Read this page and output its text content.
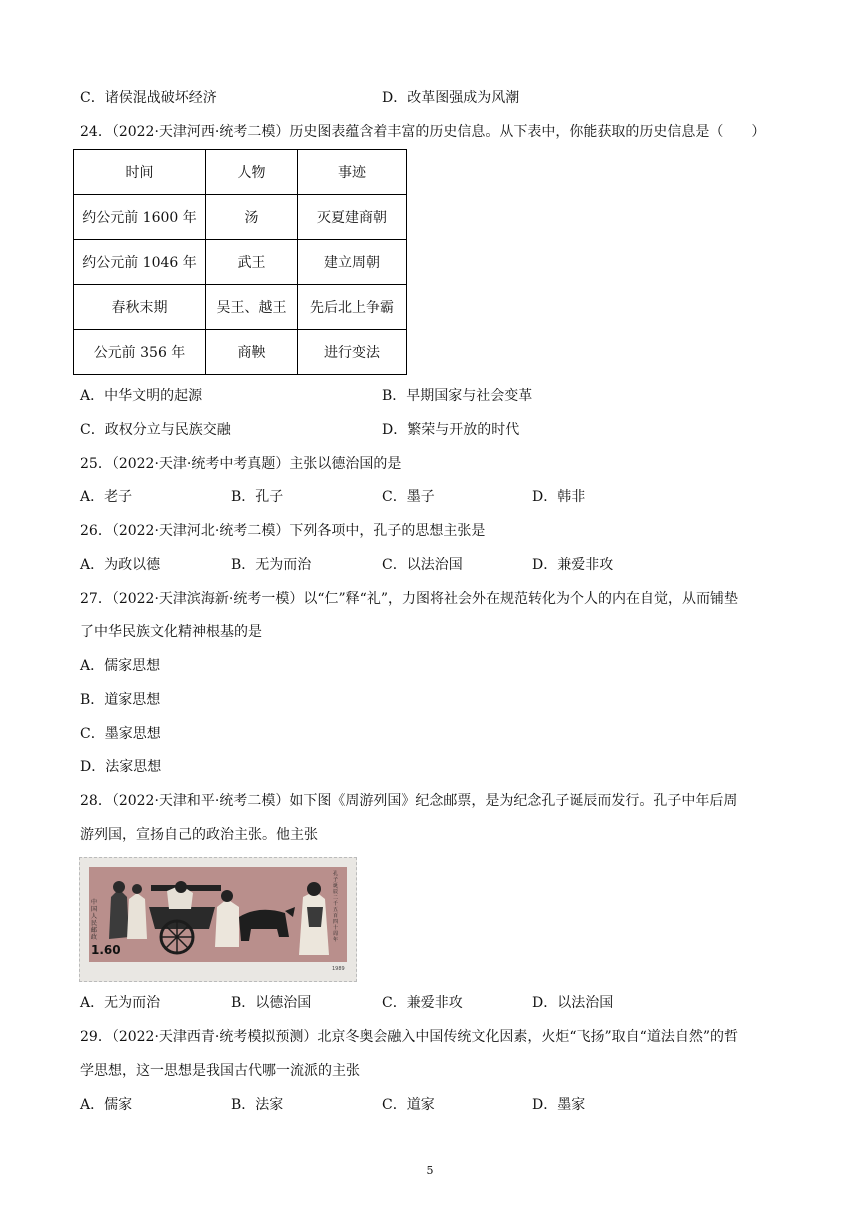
C．诸侯混战破坏经济	D．改革图强成为风潮
24．（2022·天津河西·统考二模）历史图表蕴含着丰富的历史信息。从下表中，你能获取的历史信息是（　　）
时间	人物	事迹
约公元前 1600 年	汤	灭夏建商朝
约公元前 1046 年	武王	建立周朝
春秋末期	吴王、越王	先后北上争霸
公元前 356 年	商鞅	进行变法
A．中华文明的起源	B．早期国家与社会变革
C．政权分立与民族交融	D．繁荣与开放的时代
25．（2022·天津·统考中考真题）主张以德治国的是
A．老子	B．孔子	C．墨子	D．韩非
26．（2022·天津河北·统考二模）下列各项中，孔子的思想主张是
A．为政以德	B．无为而治	C．以法治国	D．兼爱非攻
27．（2022·天津滨海新·统考一模）以“仁”释“礼”，力图将社会外在规范转化为个人的内在自觉，从而铺垫
了中华民族文化精神根基的是
A．儒家思想
B．道家思想
C．墨家思想
D．法家思想
28．（2022·天津和平·统考二模）如下图《周游列国》纪念邮票，是为纪念孔子诞辰而发行。孔子中年后周
游列国，宣扬自己的政治主张。他主张
中国人民邮政
孔子诞辰二千五百四十周年
1.60
1989
A．无为而治	B．以德治国	C．兼爱非攻	D．以法治国
29．（2022·天津西青·统考模拟预测）北京冬奥会融入中国传统文化因素，火炬“飞扬”取自“道法自然”的哲
学思想，这一思想是我国古代哪一流派的主张
A．儒家	B．法家	C．道家	D．墨家
5
